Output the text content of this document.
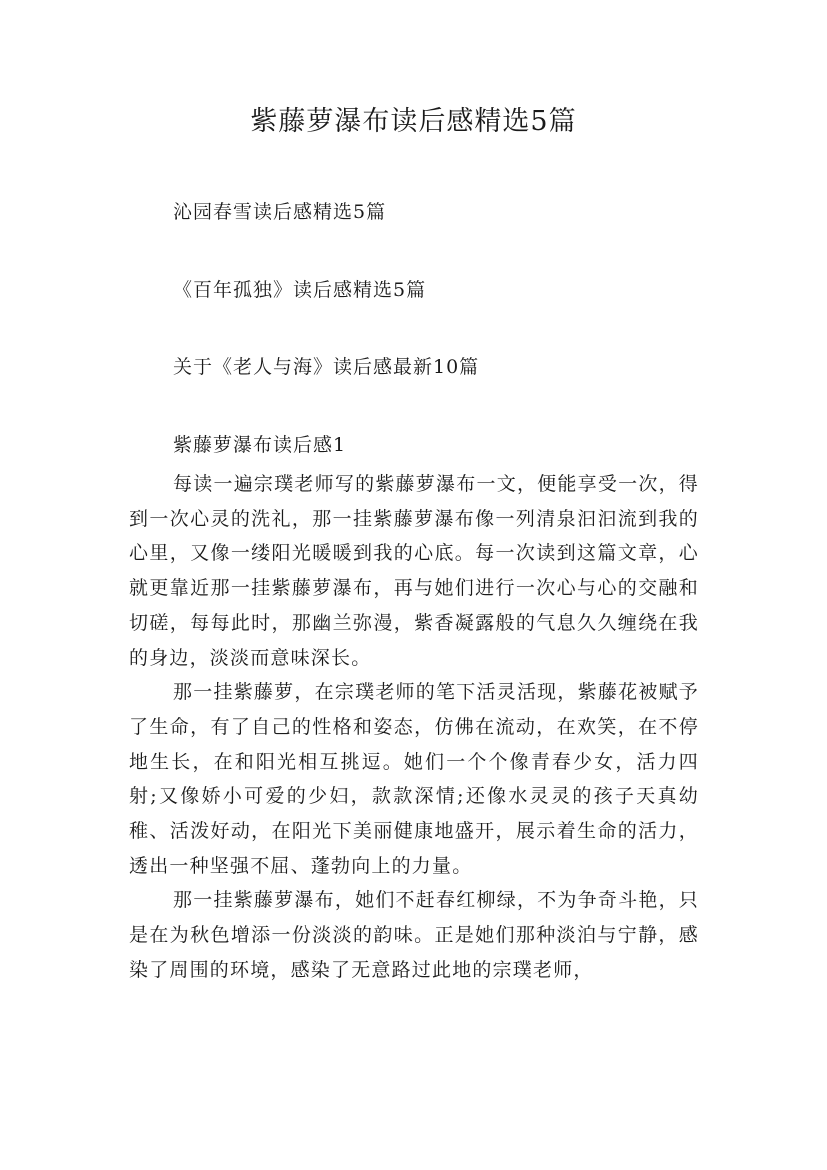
紫藤萝瀑布读后感精选5篇
沁园春雪读后感精选5篇
《百年孤独》读后感精选5篇
关于《老人与海》读后感最新10篇
紫藤萝瀑布读后感1

每读一遍宗璞老师写的紫藤萝瀑布一文，便能享受一次，得到一次心灵的洗礼，那一挂紫藤萝瀑布像一列清泉汩汩流到我的心里，又像一缕阳光暖暖到我的心底。每一次读到这篇文章，心就更靠近那一挂紫藤萝瀑布，再与她们进行一次心与心的交融和切磋，每每此时，那幽兰弥漫，紫香凝露般的气息久久缠绕在我的身边，淡淡而意味深长。

那一挂紫藤萝，在宗璞老师的笔下活灵活现，紫藤花被赋予了生命，有了自己的性格和姿态，仿佛在流动，在欢笑，在不停地生长，在和阳光相互挑逗。她们一个个像青春少女，活力四射;又像娇小可爱的少妇，款款深情;还像水灵灵的孩子天真幼稚、活泼好动，在阳光下美丽健康地盛开，展示着生命的活力，透出一种坚强不屈、蓬勃向上的力量。

那一挂紫藤萝瀑布，她们不赶春红柳绿，不为争奇斗艳，只是在为秋色增添一份淡淡的韵味。正是她们那种淡泊与宁静，感染了周围的环境，感染了无意路过此地的宗璞老师，
